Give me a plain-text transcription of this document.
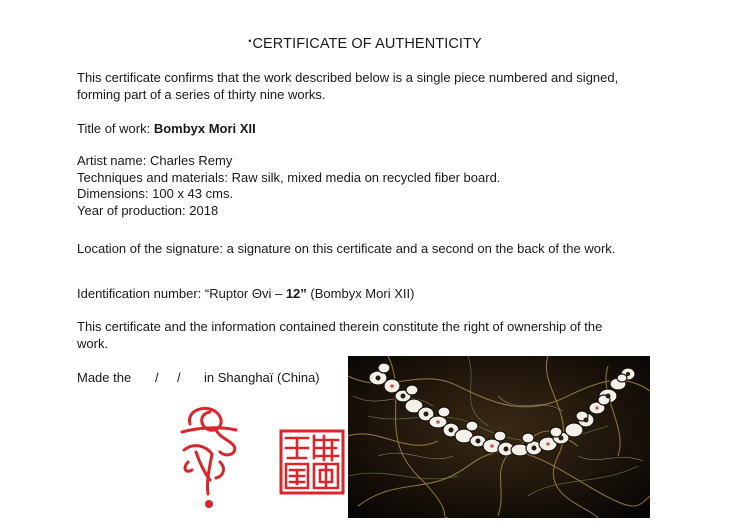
•CERTIFICATE OF AUTHENTICITY

This certificate confirms that the work described below is a single piece numbered and signed, forming part of a series of thirty nine works.

Title of work: Bombyx Mori XII

Artist name: Charles Remy

Techniques and materials: Raw silk, mixed media on recycled fiber board.

Dimensions: 100 x 43 cms.

Year of production: 2018

Location of the signature: a signature on this certificate and a second on the back of the work.

Identification number: “Ruptor Θvi – 12” (Bombyx Mori XII)

This certificate and the information contained therein constitute the right of ownership of the work.

Made the / / in Shanghaï (China)
